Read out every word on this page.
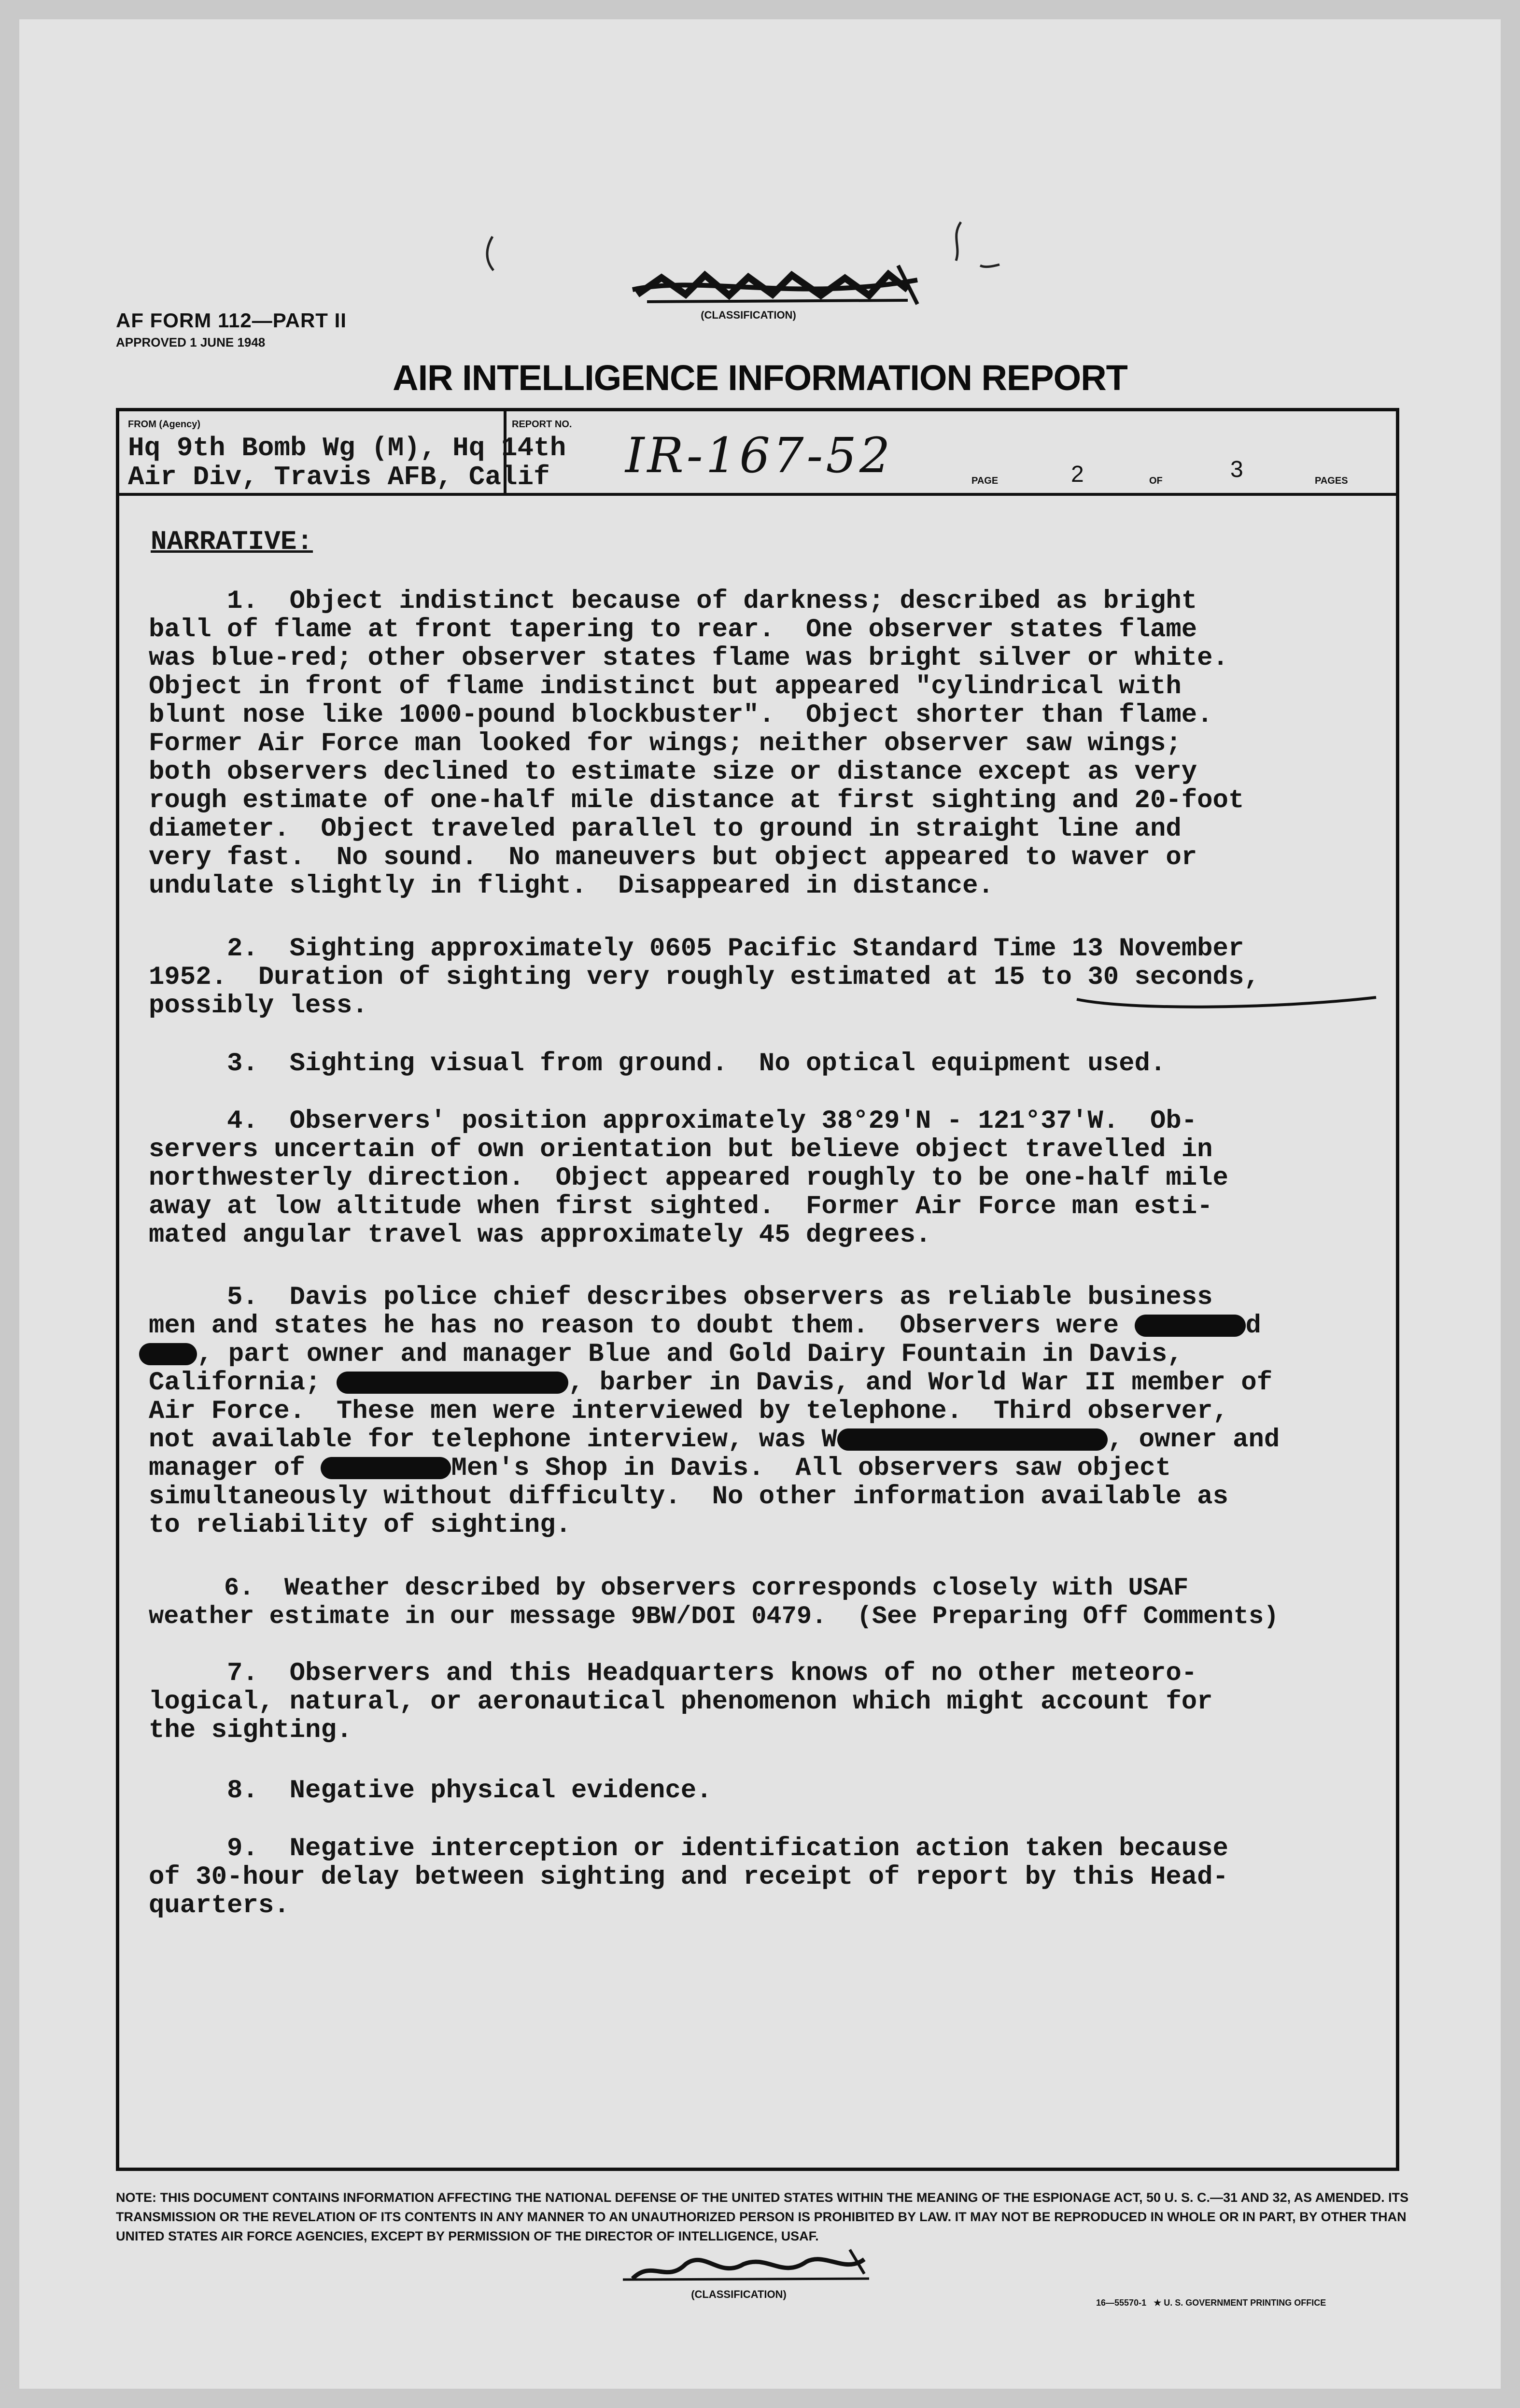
(CLASSIFICATION)
AF FORM 112—PART II
APPROVED 1 JUNE 1948
AIR INTELLIGENCE INFORMATION REPORT
FROM (Agency)
Hq 9th Bomb Wg (M), Hq 14th
Air Div, Travis AFB, Calif
REPORT NO.
IR-167-52	PAGE	2	OF	3	PAGES
NARRATIVE:
1.  Object indistinct because of darkness; described as bright
ball of flame at front tapering to rear.  One observer states flame
was blue-red; other observer states flame was bright silver or white.
Object in front of flame indistinct but appeared "cylindrical with
blunt nose like 1000-pound blockbuster".  Object shorter than flame.
Former Air Force man looked for wings; neither observer saw wings;
both observers declined to estimate size or distance except as very
rough estimate of one-half mile distance at first sighting and 20-foot
diameter.  Object traveled parallel to ground in straight line and
very fast.  No sound.  No maneuvers but object appeared to waver or
undulate slightly in flight.  Disappeared in distance.
2.  Sighting approximately 0605 Pacific Standard Time 13 November
1952.  Duration of sighting very roughly estimated at 15 to 30 seconds,
possibly less.
3.  Sighting visual from ground.  No optical equipment used.
4.  Observers' position approximately 38°29'N - 121°37'W.  Ob-
servers uncertain of own orientation but believe object travelled in
northwesterly direction.  Object appeared roughly to be one-half mile
away at low altitude when first sighted.  Former Air Force man esti-
mated angular travel was approximately 45 degrees.
5.  Davis police chief describes observers as reliable business
men and states he has no reason to doubt them.  Observers were	d
, part owner and manager Blue and Gold Dairy Fountain in Davis,
California;	, barber in Davis, and World War II member of
Air Force.  These men were interviewed by telephone.  Third observer,
not available for telephone interview, was W	, owner and
manager of	Men's Shop in Davis.  All observers saw object
simultaneously without difficulty.  No other information available as
to reliability of sighting.
6.  Weather described by observers corresponds closely with USAF
weather estimate in our message 9BW/DOI 0479.  (See Preparing Off Comments)
7.  Observers and this Headquarters knows of no other meteoro-
logical, natural, or aeronautical phenomenon which might account for
the sighting.
8.  Negative physical evidence.
9.  Negative interception or identification action taken because
of 30-hour delay between sighting and receipt of report by this Head-
quarters.
NOTE: THIS DOCUMENT CONTAINS INFORMATION AFFECTING THE NATIONAL DEFENSE OF THE UNITED STATES WITHIN THE MEANING OF THE ESPIONAGE ACT, 50 U. S. C.—31 AND 32, AS AMENDED. ITS TRANSMISSION OR THE REVELATION OF ITS CONTENTS IN ANY MANNER TO AN UNAUTHORIZED PERSON IS PROHIBITED BY LAW. IT MAY NOT BE REPRODUCED IN WHOLE OR IN PART, BY OTHER THAN UNITED STATES AIR FORCE AGENCIES, EXCEPT BY PERMISSION OF THE DIRECTOR OF INTELLIGENCE, USAF.
(CLASSIFICATION)
16—55570-1 ★ U. S. GOVERNMENT PRINTING OFFICE
